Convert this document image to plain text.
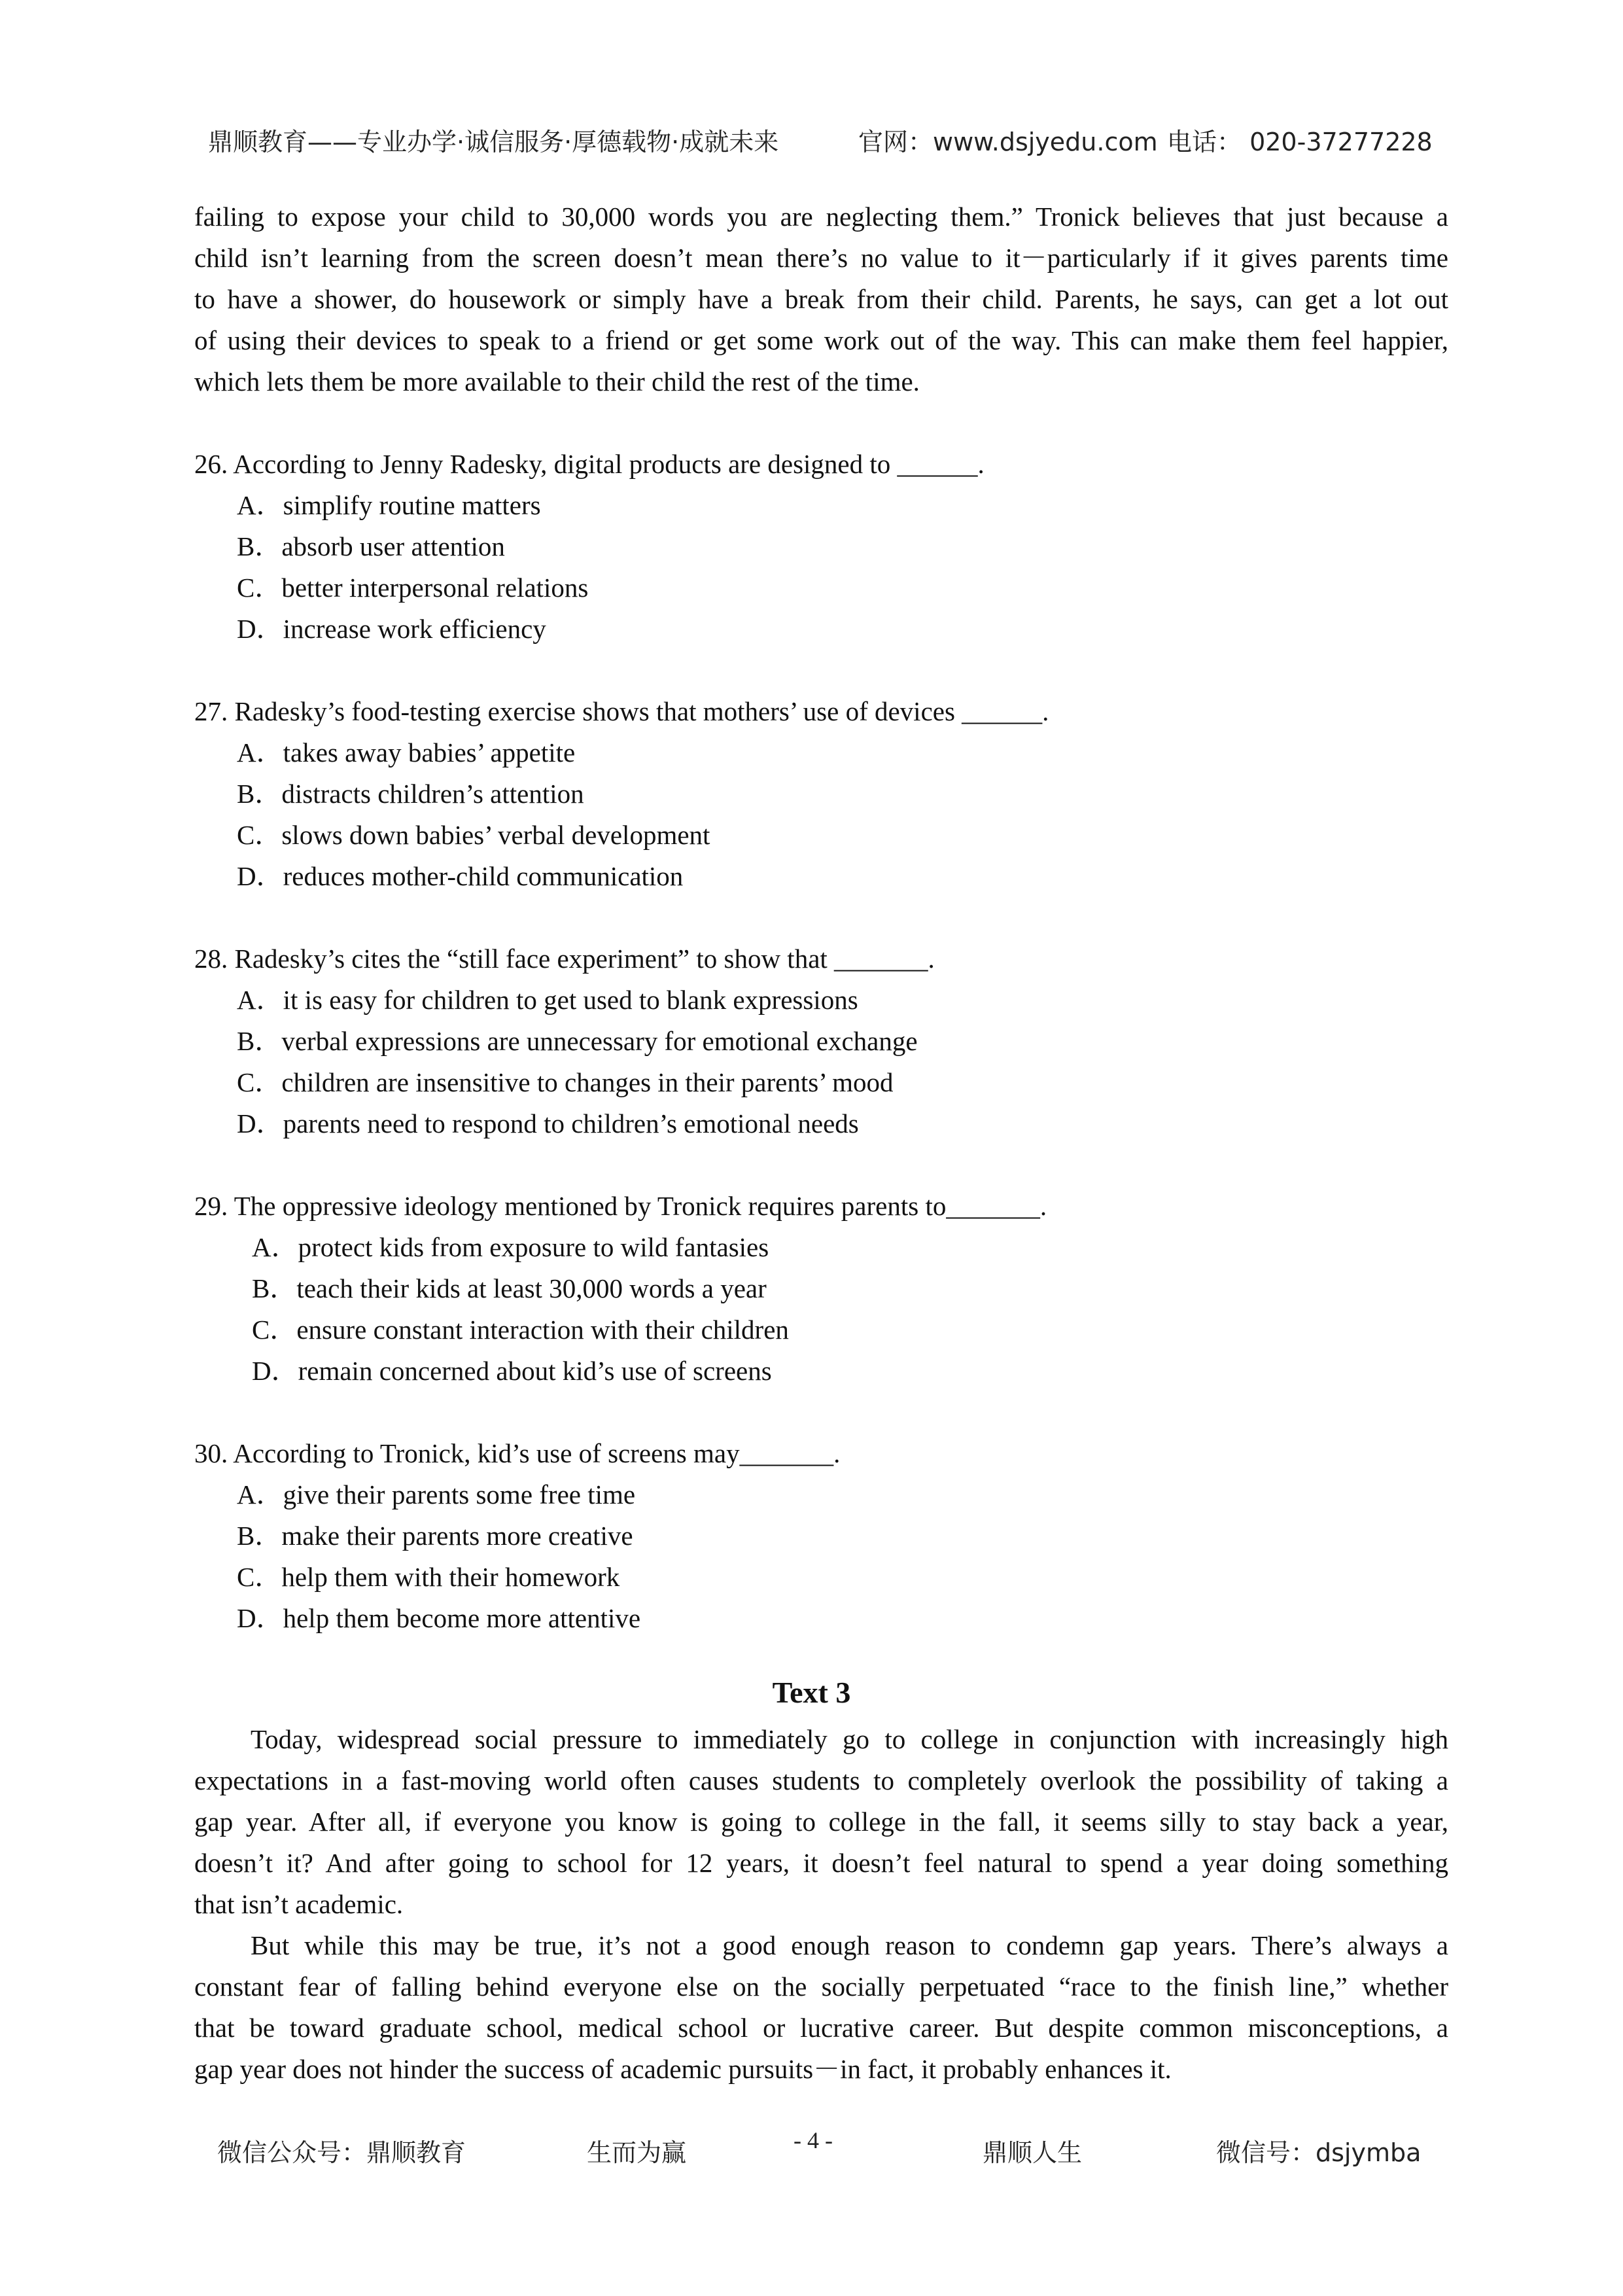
鼎顺教育——专业办学·诚信服务·厚德载物·成就未来	官网：www.dsjyedu.com 电话： 020-37277228
failing to expose your child to 30,000 words you are neglecting them.” Tronick believes that just because a
child isn’t learning from the screen doesn’t mean there’s no value to it－particularly if it gives parents time
to have a shower, do housework or simply have a break from their child. Parents, he says, can get a lot out
of using their devices to speak to a friend or get some work out of the way. This can make them feel happier,
which lets them be more available to their child the rest of the time.
26. According to Jenny Radesky, digital products are designed to ______.
A．simplify routine matters
B．absorb user attention
C．better interpersonal relations
D．increase work efficiency
27. Radesky’s food-testing exercise shows that mothers’ use of devices ______.
A．takes away babies’ appetite
B．distracts children’s attention
C．slows down babies’ verbal development
D．reduces mother-child communication
28. Radesky’s cites the “still face experiment” to show that _______.
A．it is easy for children to get used to blank expressions
B．verbal expressions are unnecessary for emotional exchange
C．children are insensitive to changes in their parents’ mood
D．parents need to respond to children’s emotional needs
29. The oppressive ideology mentioned by Tronick requires parents to_______.
A．protect kids from exposure to wild fantasies
B．teach their kids at least 30,000 words a year
C．ensure constant interaction with their children
D．remain concerned about kid’s use of screens
30. According to Tronick, kid’s use of screens may_______.
A．give their parents some free time
B．make their parents more creative
C．help them with their homework
D．help them become more attentive
Text 3
Today, widespread social pressure to immediately go to college in conjunction with increasingly high
expectations in a fast-moving world often causes students to completely overlook the possibility of taking a
gap year. After all, if everyone you know is going to college in the fall, it seems silly to stay back a year,
doesn’t it? And after going to school for 12 years, it doesn’t feel natural to spend a year doing something
that isn’t academic.
But while this may be true, it’s not a good enough reason to condemn gap years. There’s always a
constant fear of falling behind everyone else on the socially perpetuated “race to the finish line,” whether
that be toward graduate school, medical school or lucrative career. But despite common misconceptions, a
gap year does not hinder the success of academic pursuits－in fact, it probably enhances it.
微信公众号：鼎顺教育	生而为赢	- 4 -	鼎顺人生	微信号：dsjymba
